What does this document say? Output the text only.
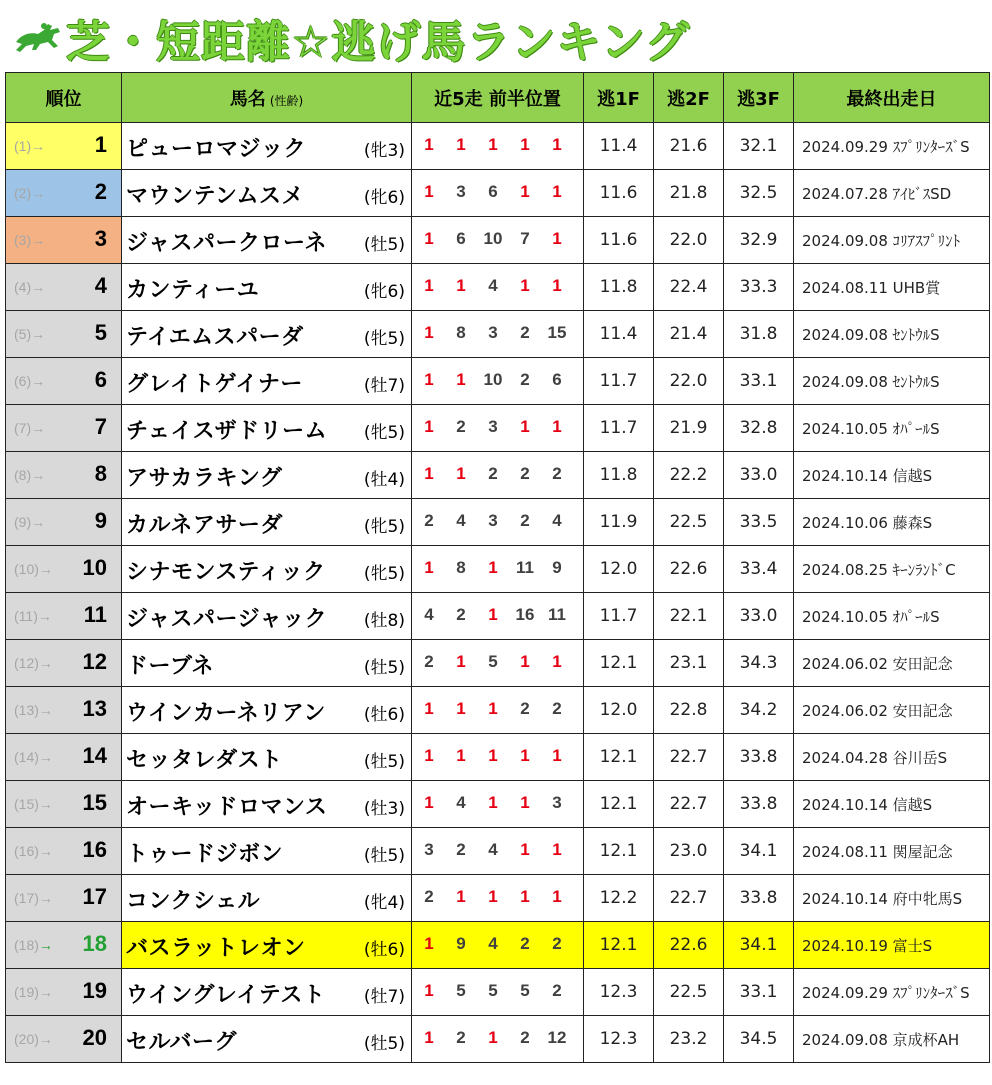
芝・短距離☆逃げ馬ランキング
順位	馬名 (性齢)	近5走 前半位置	逃1F	逃2F	逃3F	最終出走日

(1)→ 1	ピューロマジック (牝3)	1 1 1 1 1	11.4	21.6	32.1	2024.09.29 ｽﾌﾟﾘﾝﾀｰｽﾞS

(2)→ 2	マウンテンムスメ (牝6)	1 3 6 1 1	11.6	21.8	32.5	2024.07.28 ｱｲﾋﾞｽSD

(3)→ 3	ジャスパークローネ (牡5)	1 6 10 7 1	11.6	22.0	32.9	2024.09.08 ｺﾘｱｽﾌﾟﾘﾝﾄ

(4)→ 4	カンティーユ (牝6)	1 1 4 1 1	11.8	22.4	33.3	2024.08.11 UHB賞

(5)→ 5	テイエムスパーダ (牝5)	1 8 3 2 15	11.4	21.4	31.8	2024.09.08 ｾﾝﾄｳﾙS

(6)→ 6	グレイトゲイナー (牡7)	1 1 10 2 6	11.7	22.0	33.1	2024.09.08 ｾﾝﾄｳﾙS

(7)→ 7	チェイスザドリーム (牝5)	1 2 3 1 1	11.7	21.9	32.8	2024.10.05 ｵﾊﾟｰﾙS

(8)→ 8	アサカラキング (牡4)	1 1 2 2 2	11.8	22.2	33.0	2024.10.14 信越S

(9)→ 9	カルネアサーダ (牝5)	2 4 3 2 4	11.9	22.5	33.5	2024.10.06 藤森S

(10)→ 10	シナモンスティック (牝5)	1 8 1 11 9	12.0	22.6	33.4	2024.08.25 ｷｰﾝﾗﾝﾄﾞC

(11)→ 11	ジャスパージャック (牡8)	4 2 1 16 11	11.7	22.1	33.0	2024.10.05 ｵﾊﾟｰﾙS

(12)→ 12	ドーブネ (牡5)	2 1 5 1 1	12.1	23.1	34.3	2024.06.02 安田記念

(13)→ 13	ウインカーネリアン (牡6)	1 1 1 2 2	12.0	22.8	34.2	2024.06.02 安田記念

(14)→ 14	セッタレダスト (牡5)	1 1 1 1 1	12.1	22.7	33.8	2024.04.28 谷川岳S

(15)→ 15	オーキッドロマンス (牡3)	1 4 1 1 3	12.1	22.7	33.8	2024.10.14 信越S

(16)→ 16	トゥードジボン (牡5)	3 2 4 1 1	12.1	23.0	34.1	2024.08.11 関屋記念

(17)→ 17	コンクシェル (牝4)	2 1 1 1 1	12.2	22.7	33.8	2024.10.14 府中牝馬S

(18)→ 18	バスラットレオン (牡6)	1 9 4 2 2	12.1	22.6	34.1	2024.10.19 富士S

(19)→ 19	ウイングレイテスト (牡7)	1 5 5 5 2	12.3	22.5	33.1	2024.09.29 ｽﾌﾟﾘﾝﾀｰｽﾞS

(20)→ 20	セルバーグ (牡5)	1 2 1 2 12	12.3	23.2	34.5	2024.09.08 京成杯AH
